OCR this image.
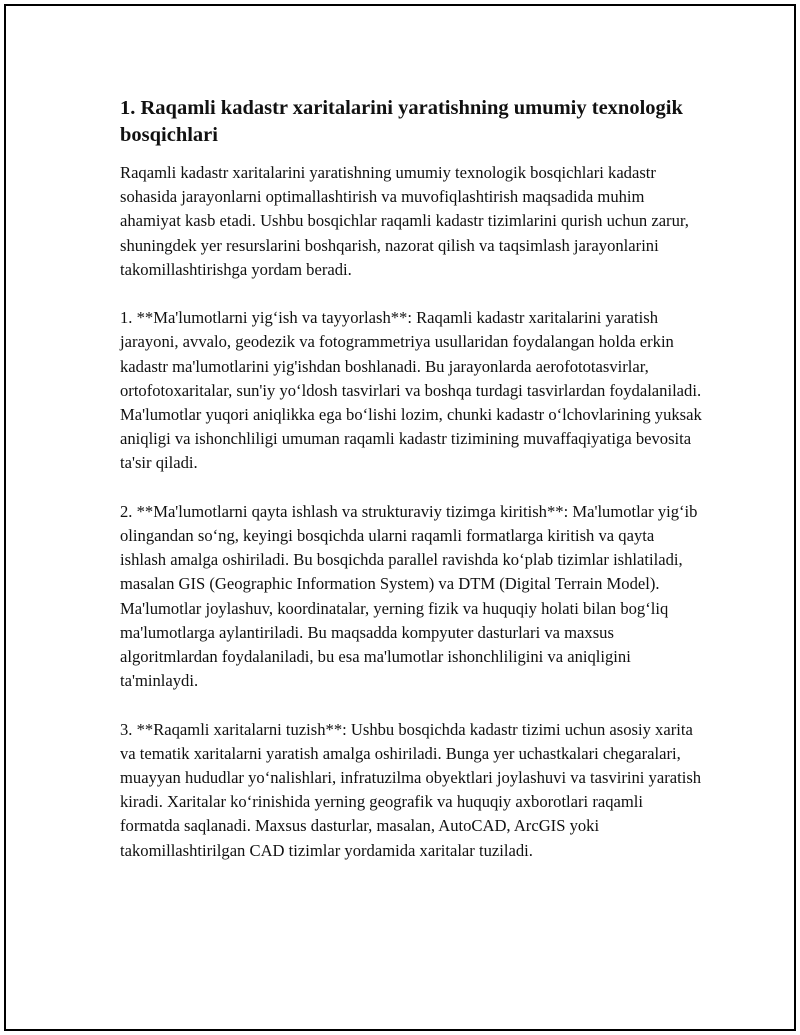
1. Raqamli kadastr xaritalarini yaratishning umumiy texnologik bosqichlari

Raqamli kadastr xaritalarini yaratishning umumiy texnologik bosqichlari kadastr sohasida jarayonlarni optimallashtirish va muvofiqlashtirish maqsadida muhim ahamiyat kasb etadi. Ushbu bosqichlar raqamli kadastr tizimlarini qurish uchun zarur, shuningdek yer resurslarini boshqarish, nazorat qilish va taqsimlash jarayonlarini takomillashtirishga yordam beradi.

1. **Ma'lumotlarni yig‘ish va tayyorlash**: Raqamli kadastr xaritalarini yaratish jarayoni, avvalo, geodezik va fotogrammetriya usullaridan foydalangan holda erkin kadastr ma'lumotlarini yig'ishdan boshlanadi. Bu jarayonlarda aerofototasvirlar, ortofotoxaritalar, sun'iy yo‘ldosh tasvirlari va boshqa turdagi tasvirlardan foydalaniladi. Ma'lumotlar yuqori aniqlikka ega bo‘lishi lozim, chunki kadastr o‘lchovlarining yuksak aniqligi va ishonchliligi umuman raqamli kadastr tizimining muvaffaqiyatiga bevosita ta'sir qiladi.

2. **Ma'lumotlarni qayta ishlash va strukturaviy tizimga kiritish**: Ma'lumotlar yig‘ib olingandan so‘ng, keyingi bosqichda ularni raqamli formatlarga kiritish va qayta ishlash amalga oshiriladi. Bu bosqichda parallel ravishda ko‘plab tizimlar ishlatiladi, masalan GIS (Geographic Information System) va DTM (Digital Terrain Model). Ma'lumotlar joylashuv, koordinatalar, yerning fizik va huquqiy holati bilan bog‘liq ma'lumotlarga aylantiriladi. Bu maqsadda kompyuter dasturlari va maxsus algoritmlardan foydalaniladi, bu esa ma'lumotlar ishonchliligini va aniqligini ta'minlaydi.

3. **Raqamli xaritalarni tuzish**: Ushbu bosqichda kadastr tizimi uchun asosiy xarita va tematik xaritalarni yaratish amalga oshiriladi. Bunga yer uchastkalari chegaralari, muayyan hududlar yo‘nalishlari, infratuzilma obyektlari joylashuvi va tasvirini yaratish kiradi. Xaritalar ko‘rinishida yerning geografik va huquqiy axborotlari raqamli formatda saqlanadi. Maxsus dasturlar, masalan, AutoCAD, ArcGIS yoki takomillashtirilgan CAD tizimlar yordamida xaritalar tuziladi.
